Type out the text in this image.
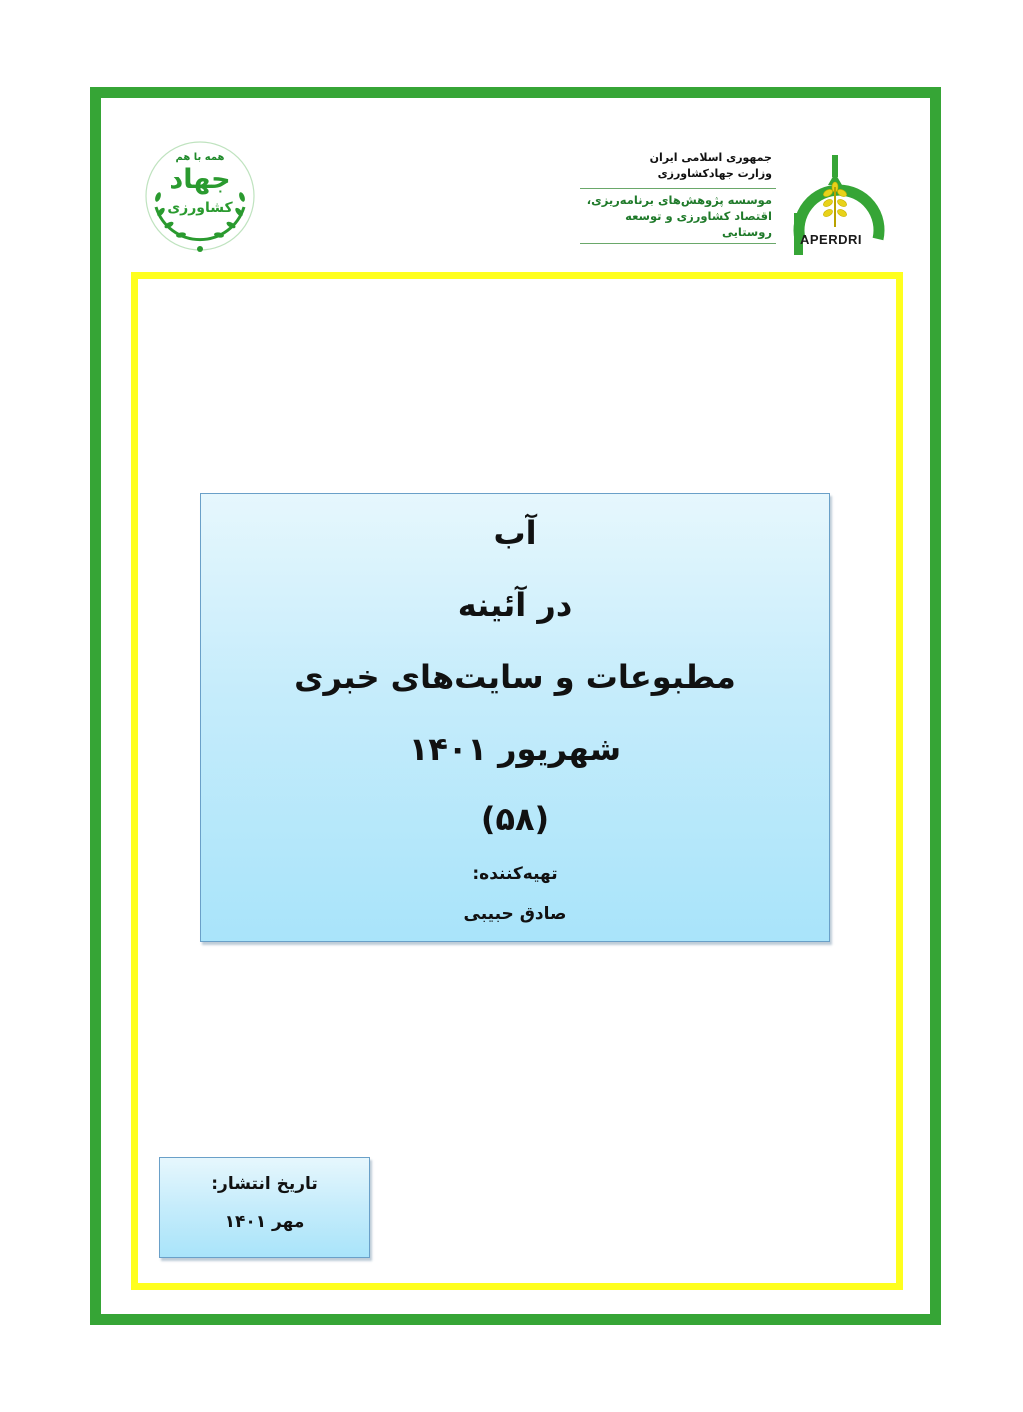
APERDRI
جمهوری اسلامی ایران
وزارت جهادکشاورزی
موسسه پژوهش‌های برنامه‌ریزی،
اقتصاد کشاورزی و توسعه روستایی
همه با هم
جهاد
کشاورزی
آب
در آئینه
مطبوعات و سایت‌های خبری
شهریور ۱۴۰۱
(۵۸)
تهیه‌کننده:
صادق حبیبی
تاریخ انتشار:
مهر ۱۴۰۱
